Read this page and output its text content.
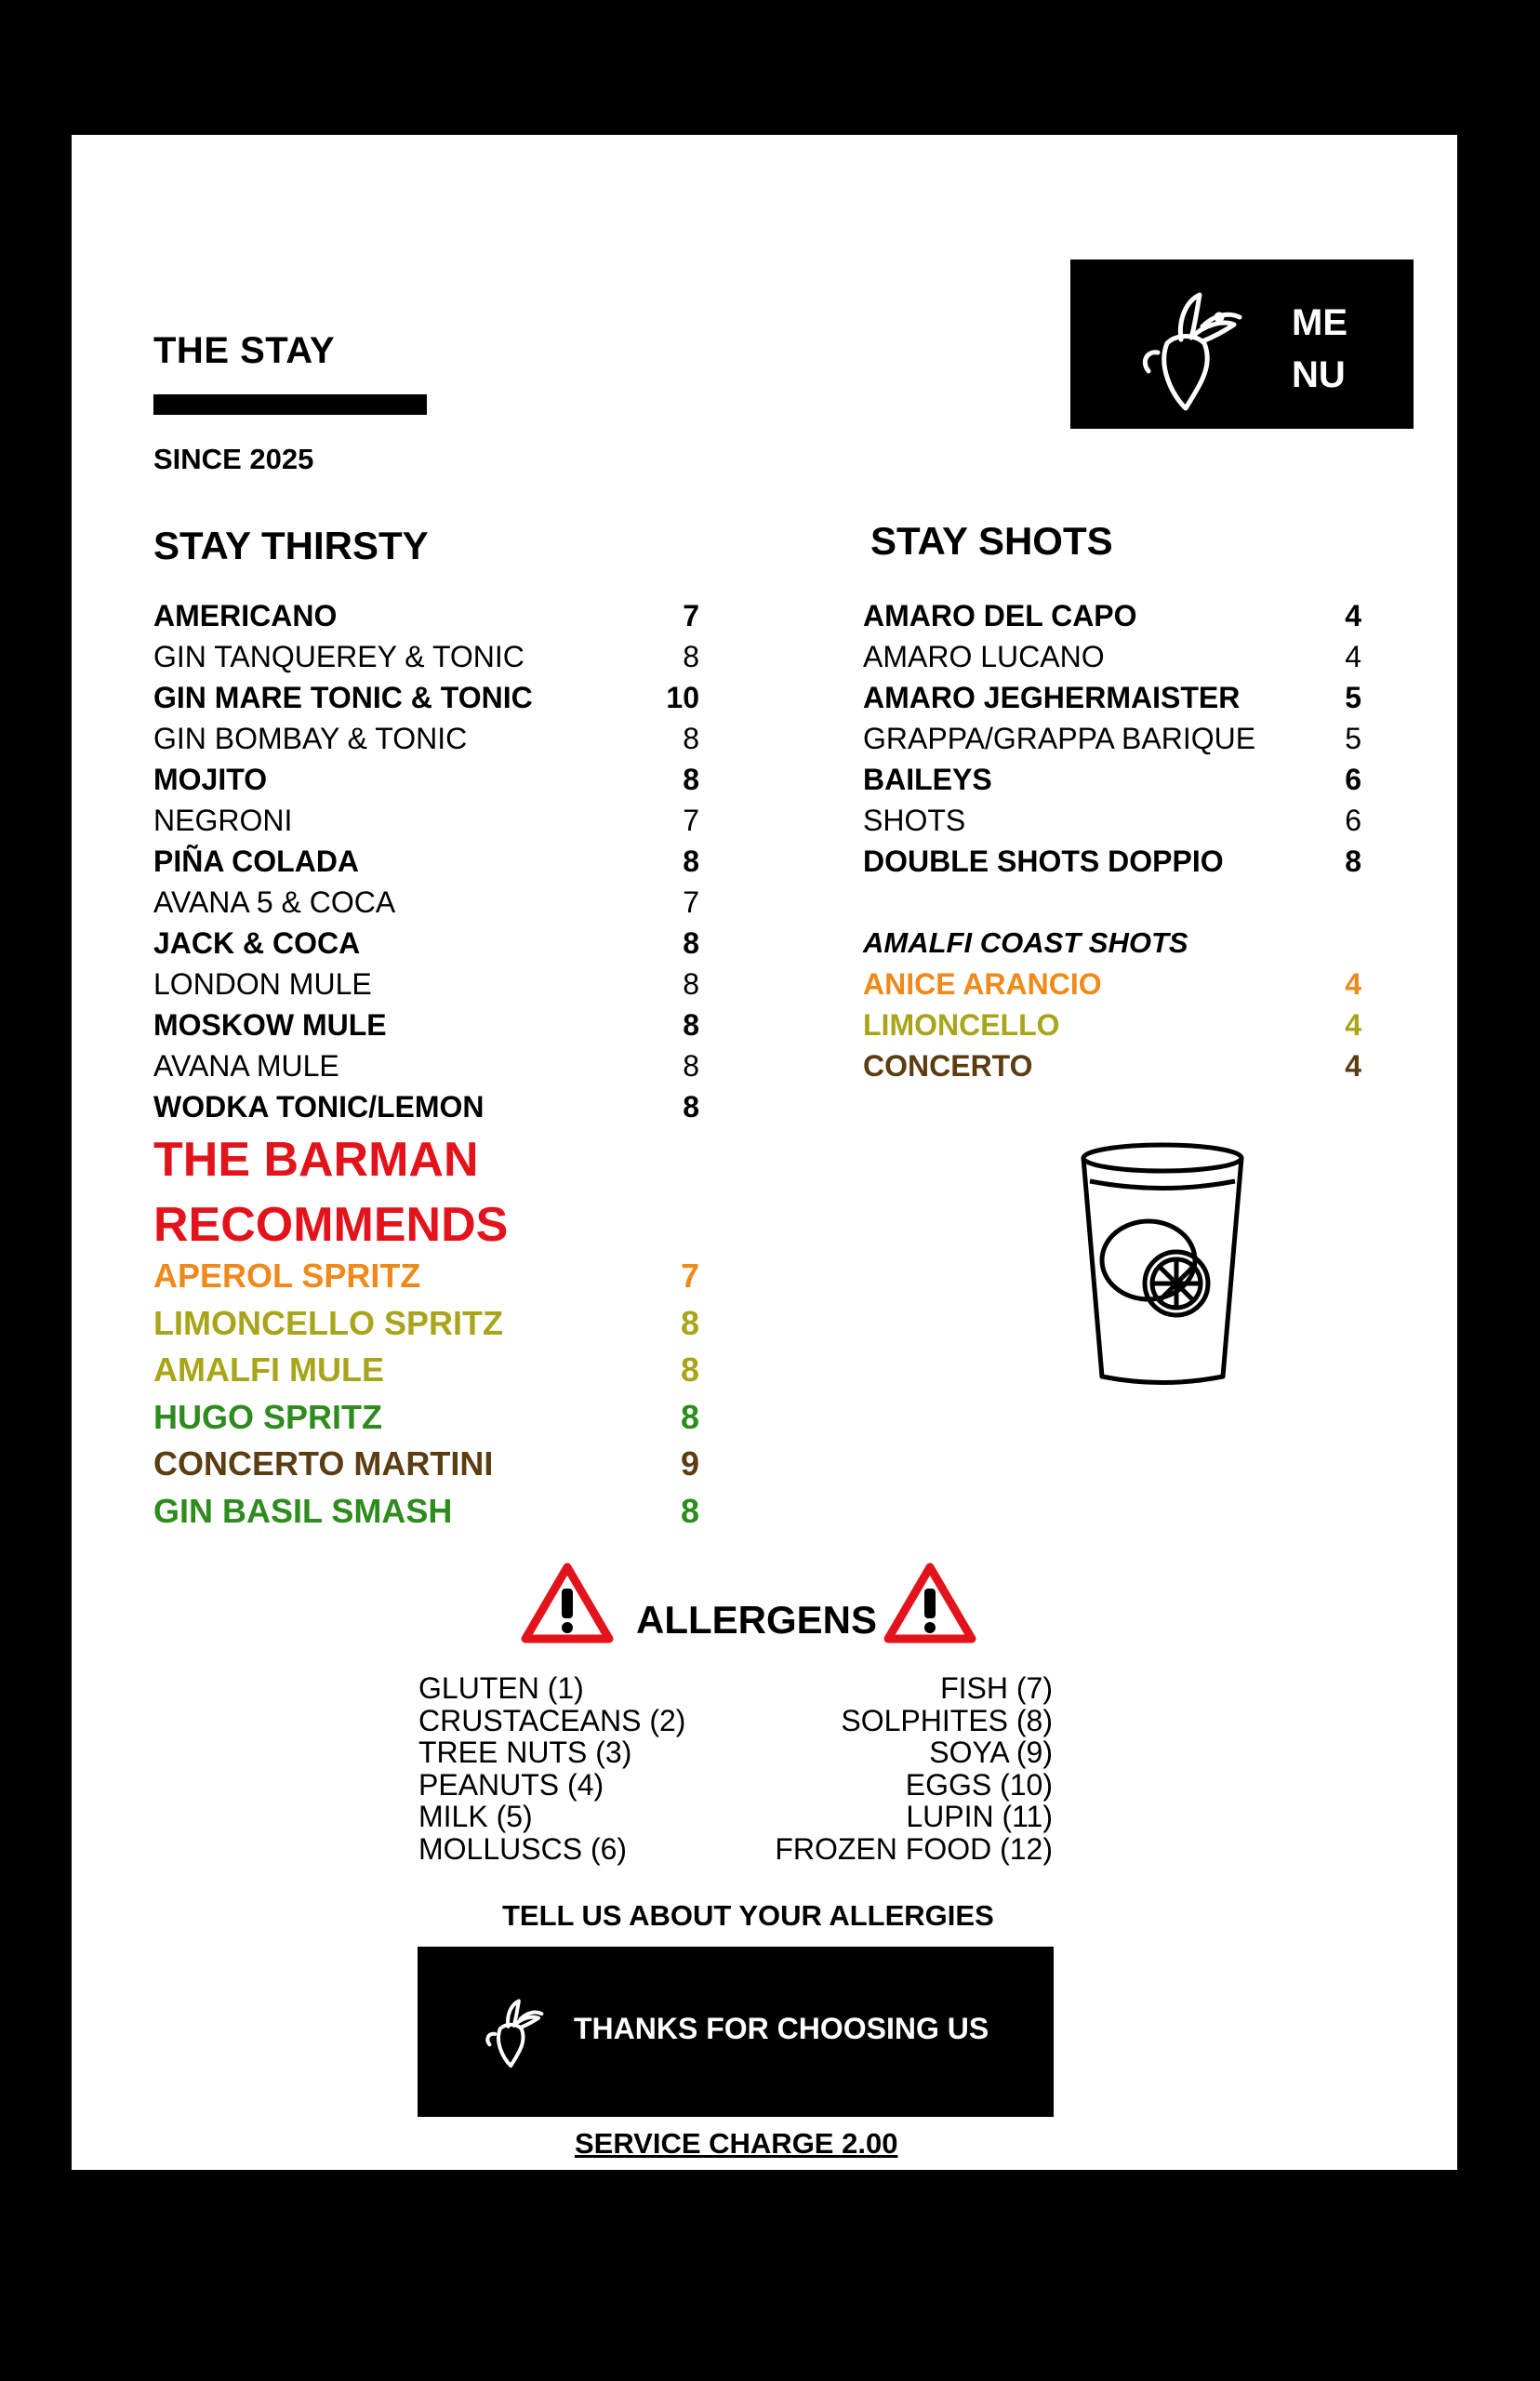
THE STAY
SINCE 2025
ME
NU
STAY THIRSTY
AMERICANO	7
GIN TANQUEREY & TONIC	8
GIN MARE TONIC & TONIC	10
GIN BOMBAY & TONIC	8
MOJITO	8
NEGRONI	7
PIÑA COLADA	8
AVANA 5 & COCA	7
JACK & COCA	8
LONDON MULE	8
MOSKOW MULE	8
AVANA MULE	8
WODKA TONIC/LEMON	8
THE BARMAN
RECOMMENDS
APEROL SPRITZ	7
LIMONCELLO SPRITZ	8
AMALFI MULE	8
HUGO SPRITZ	8
CONCERTO MARTINI	9
GIN BASIL SMASH	8
STAY SHOTS
AMARO DEL CAPO	4
AMARO LUCANO	4
AMARO JEGHERMAISTER	5
GRAPPA/GRAPPA BARIQUE	5
BAILEYS	6
SHOTS	6
DOUBLE SHOTS DOPPIO	8
AMALFI COAST SHOTS
ANICE ARANCIO	4
LIMONCELLO	4
CONCERTO	4
ALLERGENS
GLUTEN (1)
CRUSTACEANS (2)
TREE NUTS (3)
PEANUTS (4)
MILK (5)
MOLLUSCS (6)
FISH (7)
SOLPHITES (8)
SOYA (9)
EGGS (10)
LUPIN (11)
FROZEN FOOD (12)
TELL US ABOUT YOUR ALLERGIES
THANKS FOR CHOOSING US
SERVICE CHARGE 2.00
